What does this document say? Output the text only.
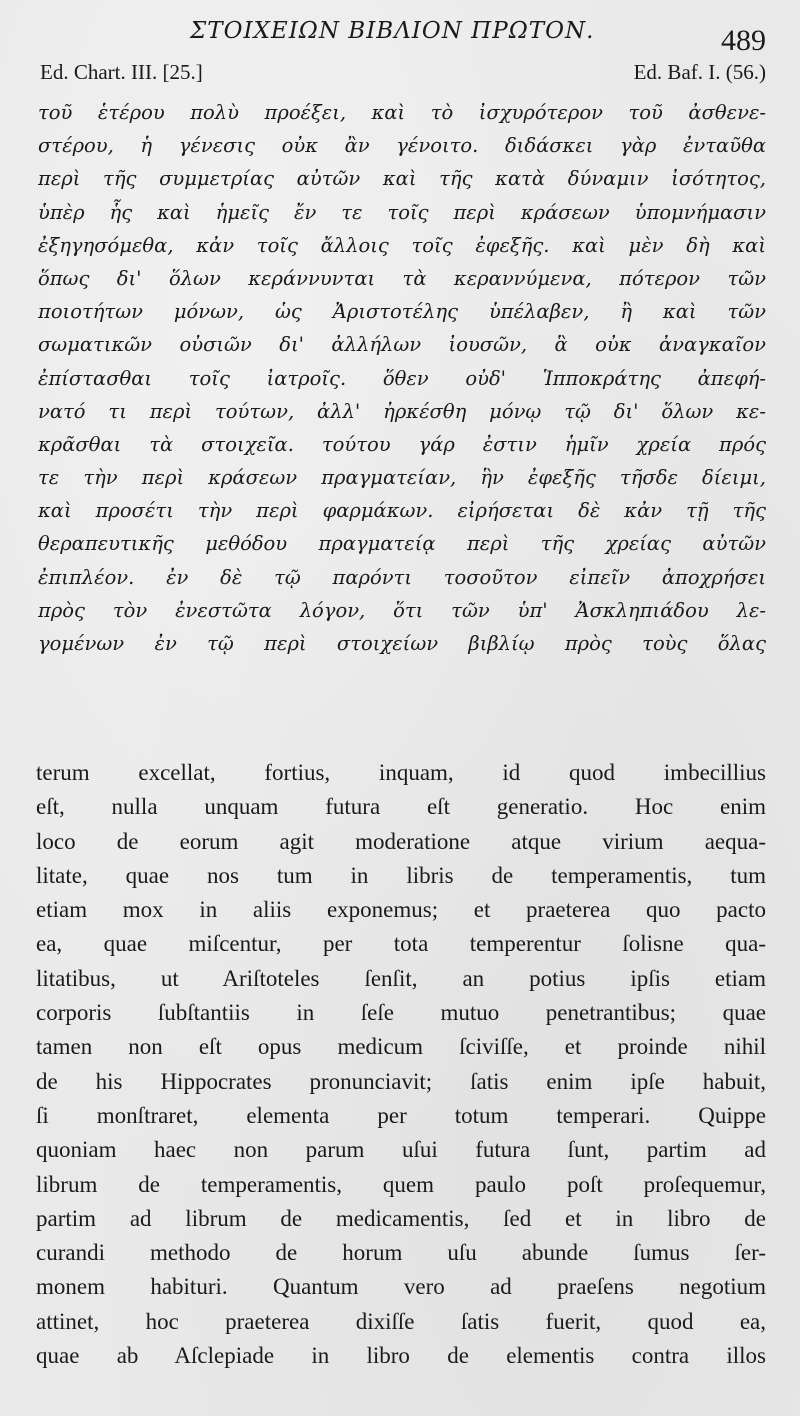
ΣΤΟΙΧΕΙΩΝ ΒΙΒΛΙΟΝ ΠΡΩΤΟΝ.	489
Ed. Chart. III. [25.]	Ed. Baf. I. (56.)
τοῦ ἑτέρου πολὺ προέξει, καὶ τὸ ἰσχυρότερον τοῦ ἀσθενε-
στέρου, ἡ γένεσις οὐκ ἂν γένοιτο. διδάσκει γὰρ ἐνταῦθα
περὶ τῆς συμμετρίας αὐτῶν καὶ τῆς κατὰ δύναμιν ἰσότητος,
ὑπὲρ ἧς καὶ ἡμεῖς ἔν τε τοῖς περὶ κράσεων ὑπομνήμασιν
ἐξηγησόμεθα, κἀν τοῖς ἄλλοις τοῖς ἐφεξῆς. καὶ μὲν δὴ καὶ
ὅπως δι' ὅλων κεράννυνται τὰ κεραννύμενα, πότερον τῶν
ποιοτήτων μόνων, ὡς Ἀριστοτέλης ὑπέλαβεν, ἢ καὶ τῶν
σωματικῶν οὐσιῶν δι' ἀλλήλων ἰουσῶν, ἃ οὐκ ἀναγκαῖον
ἐπίστασθαι τοῖς ἰατροῖς. ὅθεν οὐδ' Ἱπποκράτης ἀπεφή-
νατό τι περὶ τούτων, ἀλλ' ἠρκέσθη μόνῳ τῷ δι' ὅλων κε-
κρᾶσθαι τὰ στοιχεῖα. τούτου γάρ ἐστιν ἡμῖν χρεία πρός
τε τὴν περὶ κράσεων πραγματείαν, ἣν ἐφεξῆς τῆσδε δίειμι,
καὶ προσέτι τὴν περὶ φαρμάκων. εἰρήσεται δὲ κἀν τῇ τῆς
θεραπευτικῆς μεθόδου πραγματείᾳ περὶ τῆς χρείας αὐτῶν
ἐπιπλέον. ἐν δὲ τῷ παρόντι τοσοῦτον εἰπεῖν ἀποχρήσει
πρὸς τὸν ἐνεστῶτα λόγον, ὅτι τῶν ὑπ' Ἀσκληπιάδου λε-
γομένων ἐν τῷ περὶ στοιχείων βιβλίῳ πρὸς τοὺς ὅλας
terum excellat, fortius, inquam, id quod imbecillius
eſt, nulla unquam futura eſt generatio. Hoc enim
loco de eorum agit moderatione atque virium aequa-
litate, quae nos tum in libris de temperamentis, tum
etiam mox in aliis exponemus; et praeterea quo pacto
ea, quae miſcentur, per tota temperentur ſolisne qua-
litatibus, ut Ariſtoteles ſenſit, an potius ipſis etiam
corporis ſubſtantiis in ſeſe mutuo penetrantibus; quae
tamen non eſt opus medicum ſciviſſe, et proinde nihil
de his Hippocrates pronunciavit; ſatis enim ipſe habuit,
ſi monſtraret, elementa per totum temperari. Quippe
quoniam haec non parum uſui futura ſunt, partim ad
librum de temperamentis, quem paulo poſt proſequemur,
partim ad librum de medicamentis, ſed et in libro de
curandi methodo de horum uſu abunde ſumus ſer-
monem habituri. Quantum vero ad praeſens negotium
attinet, hoc praeterea dixiſſe ſatis fuerit, quod ea,
quae ab Aſclepiade in libro de elementis contra illos
